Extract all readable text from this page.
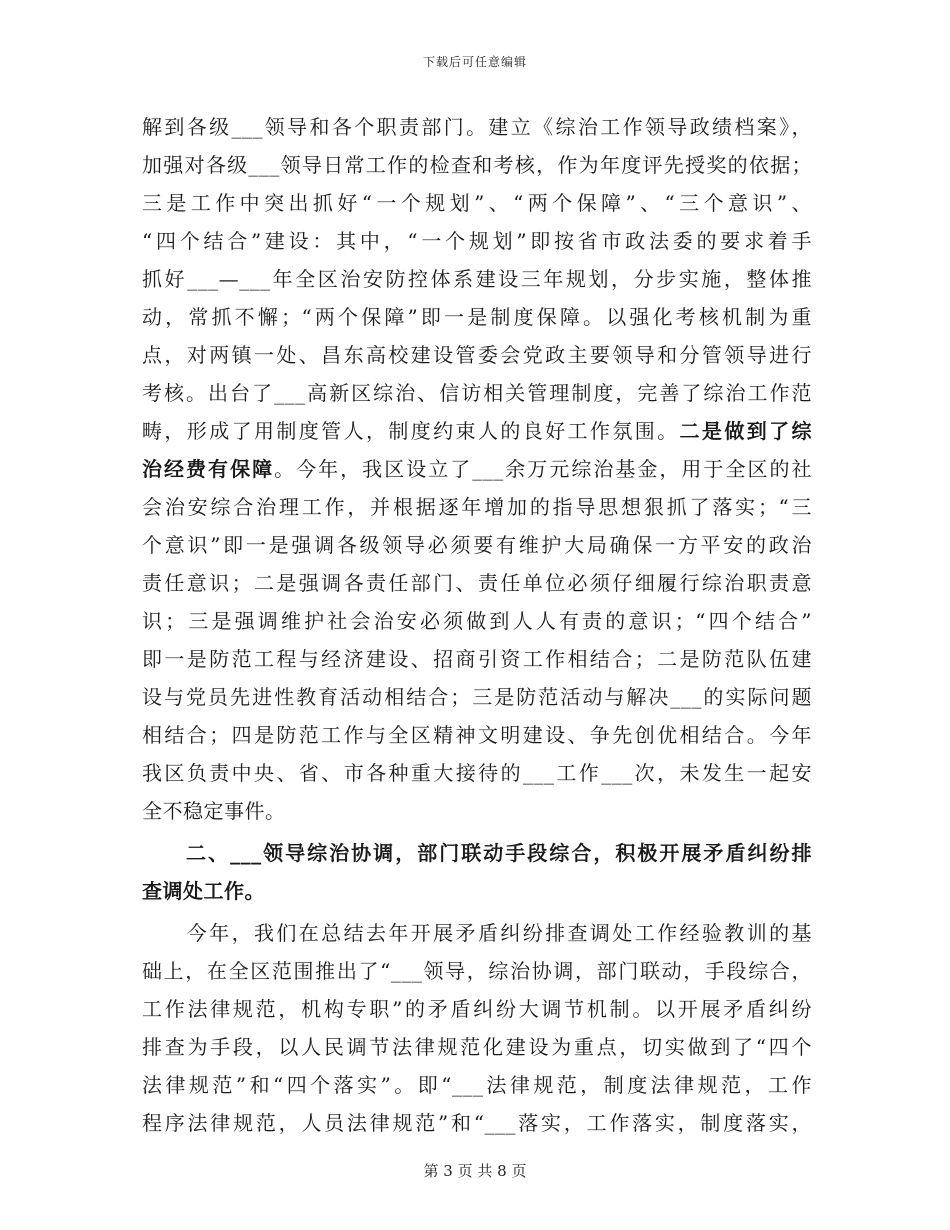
下载后可任意编辑
解到各级___领导和各个职责部门。建立《综治工作领导政绩档案》，
加强对各级___领导日常工作的检查和考核，作为年度评先授奖的依据；
三是工作中突出抓好“一个规划”、“两个保障”、“三个意识”、
“四个结合”建设：其中，“一个规划”即按省市政法委的要求着手
抓好___—___年全区治安防控体系建设三年规划，分步实施，整体推
动，常抓不懈；“两个保障”即一是制度保障。以强化考核机制为重
点，对两镇一处、昌东高校建设管委会党政主要领导和分管领导进行
考核。出台了___高新区综治、信访相关管理制度，完善了综治工作范
畴，形成了用制度管人，制度约束人的良好工作氛围。二是做到了综
治经费有保障。今年，我区设立了___余万元综治基金，用于全区的社
会治安综合治理工作，并根据逐年增加的指导思想狠抓了落实；“三
个意识”即一是强调各级领导必须要有维护大局确保一方平安的政治
责任意识；二是强调各责任部门、责任单位必须仔细履行综治职责意
识；三是强调维护社会治安必须做到人人有责的意识；“四个结合”
即一是防范工程与经济建设、招商引资工作相结合；二是防范队伍建
设与党员先进性教育活动相结合；三是防范活动与解决___的实际问题
相结合；四是防范工作与全区精神文明建设、争先创优相结合。今年
我区负责中央、省、市各种重大接待的___工作___次，未发生一起安
全不稳定事件。
　　二、___领导综治协调，部门联动手段综合，积极开展矛盾纠纷排
查调处工作。
　　今年，我们在总结去年开展矛盾纠纷排查调处工作经验教训的基
础上，在全区范围推出了“___领导，综治协调，部门联动，手段综合，
工作法律规范，机构专职”的矛盾纠纷大调节机制。以开展矛盾纠纷
排查为手段，以人民调节法律规范化建设为重点，切实做到了“四个
法律规范”和“四个落实”。即“___法律规范，制度法律规范，工作
程序法律规范，人员法律规范”和“___落实，工作落实，制度落实，
第 3 页 共 8 页
